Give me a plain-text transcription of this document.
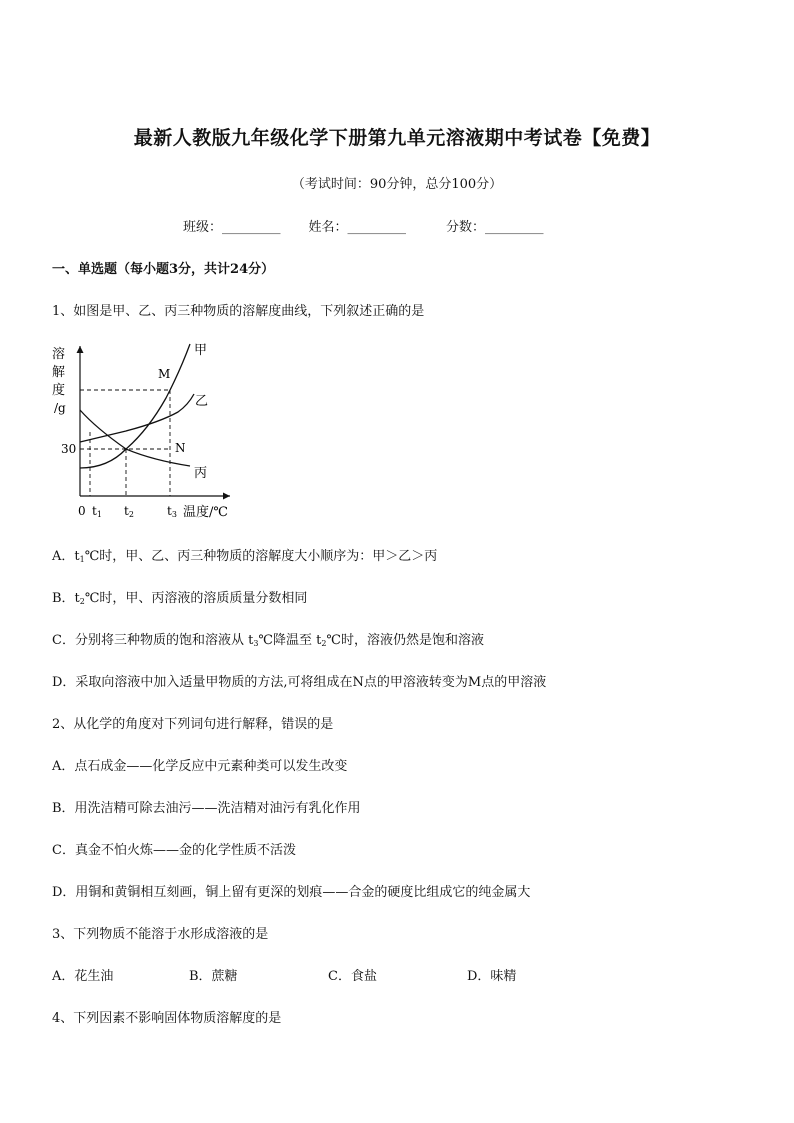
最新人教版九年级化学下册第九单元溶液期中考试卷【免费】
（考试时间：90分钟，总分100分）
班级：_________ 姓名：_________	分数：_________
一、单选题（每小题3分，共计24分）
1、如图是甲、乙、丙三种物质的溶解度曲线，下列叙述正确的是
溶
解
度
/g
30
0 t1 t2	t3 温度/℃
甲
乙
丙
M
N
A．$t_1℃$时，甲、乙、丙三种物质的溶解度大小顺序为：甲＞乙＞丙
B．$t_2℃$时，甲、丙溶液的溶质质量分数相同
C．分别将三种物质的饱和溶液从 $t_3℃$降温至 $t_2℃$时，溶液仍然是饱和溶液
D．采取向溶液中加入适量甲物质的方法,可将组成在N点的甲溶液转变为M点的甲溶液
2、从化学的角度对下列词句进行解释，错误的是
A．点石成金——化学反应中元素种类可以发生改变
B．用洗洁精可除去油污——洗洁精对油污有乳化作用
C．真金不怕火炼——金的化学性质不活泼
D．用铜和黄铜相互刻画，铜上留有更深的划痕——合金的硬度比组成它的纯金属大
3、下列物质不能溶于水形成溶液的是
A．花生油	B．蔗糖	C．食盐	D．味精
4、下列因素不影响固体物质溶解度的是
